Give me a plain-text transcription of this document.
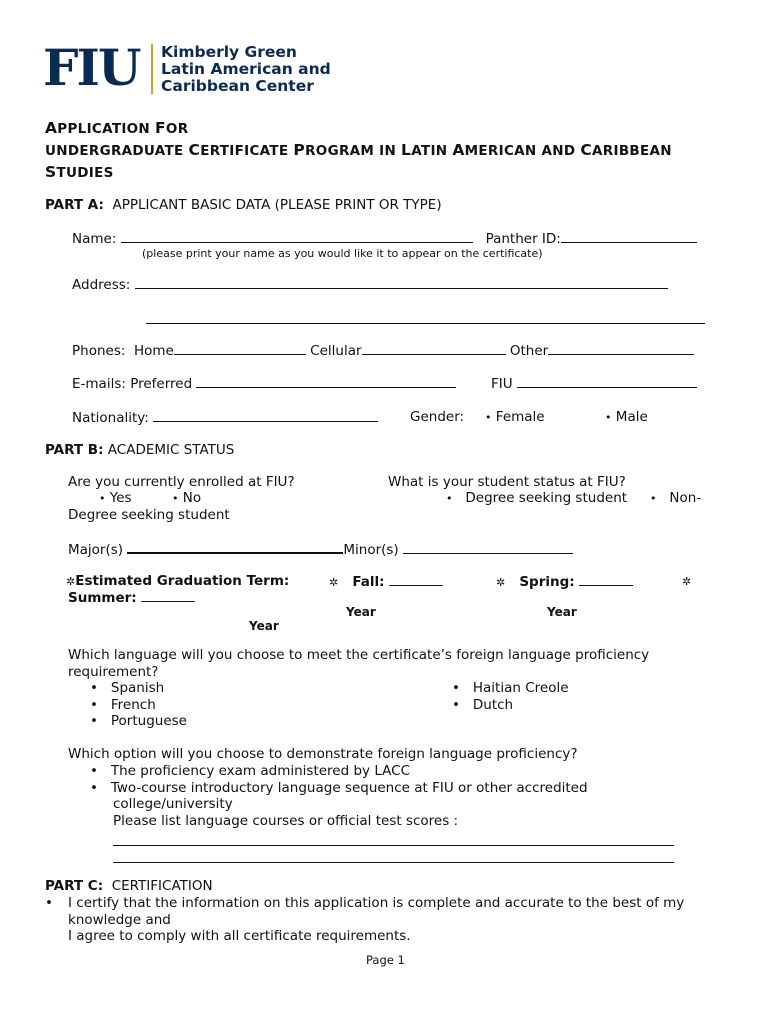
FIU Kimberly Green
Latin American and
Caribbean Center
APPLICATION FOR
UNDERGRADUATE CERTIFICATE PROGRAM IN LATIN AMERICAN AND CARIBBEAN
STUDIES
PART A: APPLICANT BASIC DATA (PLEASE PRINT OR TYPE)
Name:	Panther ID:
(please print your name as you would like it to appear on the certificate)
Address:
Phones: Home	Cellular	Other
E-mails: Preferred	FIU
Nationality:	Gender: • Female	• Male
PART B: ACADEMIC STATUS
Are you currently enrolled at FIU?
• Yes	• No
What is your student status at FIU?
• Degree seeking student • Non-
Degree seeking student
Major(s)	Minor(s)
✲Estimated Graduation Term:	✲ Fall:	✲ Spring:	✲
Summer:
Year	Year
Year
Which language will you choose to meet the certificate’s foreign language proficiency
requirement?
• Spanish
• French
• Portuguese
• Haitian Creole
• Dutch
Which option will you choose to demonstrate foreign language proficiency?
• The proficiency exam administered by LACC
• Two-course introductory language sequence at FIU or other accredited
college/university
Please list language courses or official test scores :
PART C: CERTIFICATION
• I certify that the information on this application is complete and accurate to the best of my
knowledge and
I agree to comply with all certificate requirements.
Page 1
